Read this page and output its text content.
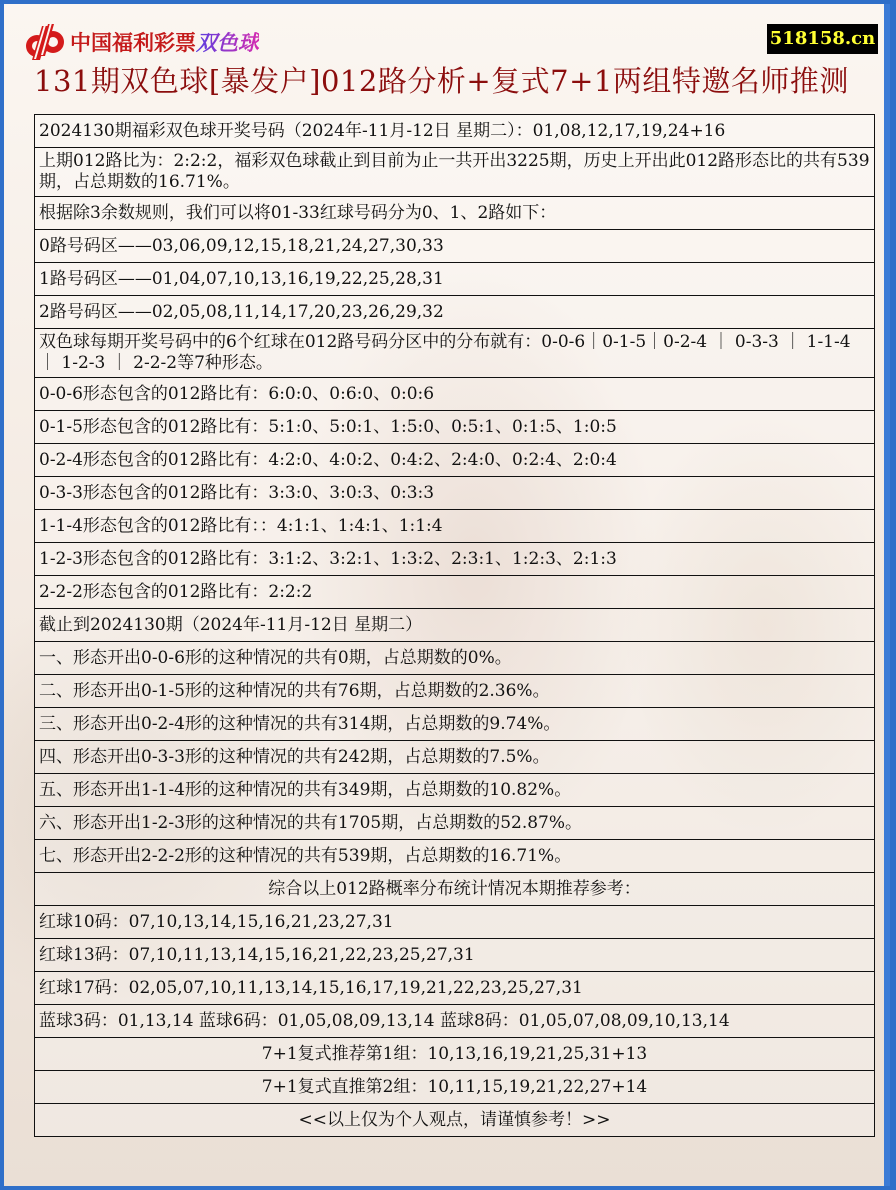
中国福利彩票双色球	518158.cn
131期双色球[暴发户]012路分析+复式7+1两组特邀名师推测
2024130期福彩双色球开奖号码（2024年-11月-12日 星期二）：01,08,12,17,19,24+16
上期012路比为：2:2:2，福彩双色球截止到目前为止一共开出3225期，历史上开出此012路形态比的共有539期，占总期数的16.71%。
根据除3余数规则，我们可以将01-33红球号码分为0、1、2路如下：
0路号码区——03,06,09,12,15,18,21,24,27,30,33
1路号码区——01,04,07,10,13,16,19,22,25,28,31
2路号码区——02,05,08,11,14,17,20,23,26,29,32
双色球每期开奖号码中的6个红球在012路号码分区中的分布就有：0-0-6｜0-1-5｜0-2-4 ｜ 0-3-3 ｜ 1-1-4 ｜ 1-2-3 ｜ 2-2-2等7种形态。
0-0-6形态包含的012路比有：6:0:0、0:6:0、0:0:6
0-1-5形态包含的012路比有：5:1:0、5:0:1、1:5:0、0:5:1、0:1:5、1:0:5
0-2-4形态包含的012路比有：4:2:0、4:0:2、0:4:2、2:4:0、0:2:4、2:0:4
0-3-3形态包含的012路比有：3:3:0、3:0:3、0:3:3
1-1-4形态包含的012路比有：：4:1:1、1:4:1、1:1:4
1-2-3形态包含的012路比有：3:1:2、3:2:1、1:3:2、2:3:1、1:2:3、2:1:3
2-2-2形态包含的012路比有：2:2:2
截止到2024130期（2024年-11月-12日 星期二）
一、形态开出0-0-6形的这种情况的共有0期，占总期数的0%。
二、形态开出0-1-5形的这种情况的共有76期，占总期数的2.36%。
三、形态开出0-2-4形的这种情况的共有314期，占总期数的9.74%。
四、形态开出0-3-3形的这种情况的共有242期，占总期数的7.5%。
五、形态开出1-1-4形的这种情况的共有349期，占总期数的10.82%。
六、形态开出1-2-3形的这种情况的共有1705期，占总期数的52.87%。
七、形态开出2-2-2形的这种情况的共有539期，占总期数的16.71%。
综合以上012路概率分布统计情况本期推荐参考：
红球10码：07,10,13,14,15,16,21,23,27,31
红球13码：07,10,11,13,14,15,16,21,22,23,25,27,31
红球17码：02,05,07,10,11,13,14,15,16,17,19,21,22,23,25,27,31
蓝球3码：01,13,14 蓝球6码：01,05,08,09,13,14 蓝球8码：01,05,07,08,09,10,13,14
7+1复式推荐第1组：10,13,16,19,21,25,31+13
7+1复式直推第2组：10,11,15,19,21,22,27+14
<<以上仅为个人观点，请谨慎参考！>>
